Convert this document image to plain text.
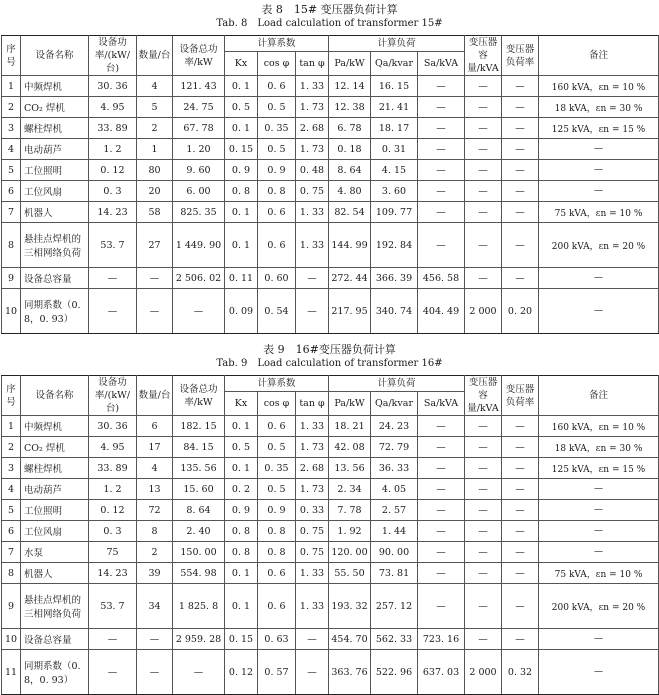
表 8　15# 变压器负荷计算
Tab. 8　Load calculation of transformer 15#
序号	设备名称	设备功率/(kW/台)	数量/台	设备总功率/kW	计算系数			计算负荷			变压器容量/kVA	变压器负荷率	备注
					Kx	cos φ	tan φ	Pa/kW	Qa/kvar	Sa/kVA			
1	中频焊机	30. 36	4	121. 43	0. 1	0. 6	1. 33	12. 14	16. 15	—	—	—	160 kVA，εn = 10 %
2	CO₂ 焊机	4. 95	5	24. 75	0. 5	0. 5	1. 73	12. 38	21. 41	—	—	—	18 kVA，εn = 30 %
3	螺柱焊机	33. 89	2	67. 78	0. 1	0. 35	2. 68	6. 78	18. 17	—	—	—	125 kVA，εn = 15 %
4	电动葫芦	1. 2	1	1. 20	0. 15	0. 5	1. 73	0. 18	0. 31	—	—	—	—
5	工位照明	0. 12	80	9. 60	0. 9	0. 9	0. 48	8. 64	4. 15	—	—	—	—
6	工位风扇	0. 3	20	6. 00	0. 8	0. 8	0. 75	4. 80	3. 60	—	—	—	—
7	机器人	14. 23	58	825. 35	0. 1	0. 6	1. 33	82. 54	109. 77	—	—	—	75 kVA，εn = 10 %
8	悬挂点焊机的三相网络负荷	53. 7	27	1 449. 90	0. 1	0. 6	1. 33	144. 99	192. 84	—	—	—	200 kVA，εn = 20 %
9	设备总容量	—	—	2 506. 02	0. 11	0. 60	—	272. 44	366. 39	456. 58	—	—	—
10	同期系数（0. 8，0. 93）	—	—	—	0. 09	0. 54	—	217. 95	340. 74	404. 49	2 000	0. 20	—
表 9　16#变压器负荷计算
Tab. 9　Load calculation of transformer 16#
序号	设备名称	设备功率/(kW/台)	数量/台	设备总功率/kW	计算系数			计算负荷			变压器容量/kVA	变压器负荷率	备注
					Kx	cos φ	tan φ	Pa/kW	Qa/kvar	Sa/kVA			
1	中频焊机	30. 36	6	182. 15	0. 1	0. 6	1. 33	18. 21	24. 23	—	—	—	160 kVA，εn = 10 %
2	CO₂ 焊机	4. 95	17	84. 15	0. 5	0. 5	1. 73	42. 08	72. 79	—	—	—	18 kVA，εn = 30 %
3	螺柱焊机	33. 89	4	135. 56	0. 1	0. 35	2. 68	13. 56	36. 33	—	—	—	125 kVA，εn = 15 %
4	电动葫芦	1. 2	13	15. 60	0. 2	0. 5	1. 73	2. 34	4. 05	—	—	—	—
5	工位照明	0. 12	72	8. 64	0. 9	0. 9	0. 33	7. 78	2. 57	—	—	—	—
6	工位风扇	0. 3	8	2. 40	0. 8	0. 8	0. 75	1. 92	1. 44	—	—	—	—
7	水泵	75	2	150. 00	0. 8	0. 8	0. 75	120. 00	90. 00	—	—	—	—
8	机器人	14. 23	39	554. 98	0. 1	0. 6	1. 33	55. 50	73. 81	—	—	—	75 kVA，εn = 10 %
9	悬挂点焊机的三相网络负荷	53. 7	34	1 825. 8	0. 1	0. 6	1. 33	193. 32	257. 12	—	—	—	200 kVA，εn = 20 %
10	设备总容量	—	—	2 959. 28	0. 15	0. 63	—	454. 70	562. 33	723. 16	—	—	—
11	同期系数（0. 8，0. 93）	—	—	—	0. 12	0. 57	—	363. 76	522. 96	637. 03	2 000	0. 32	—
